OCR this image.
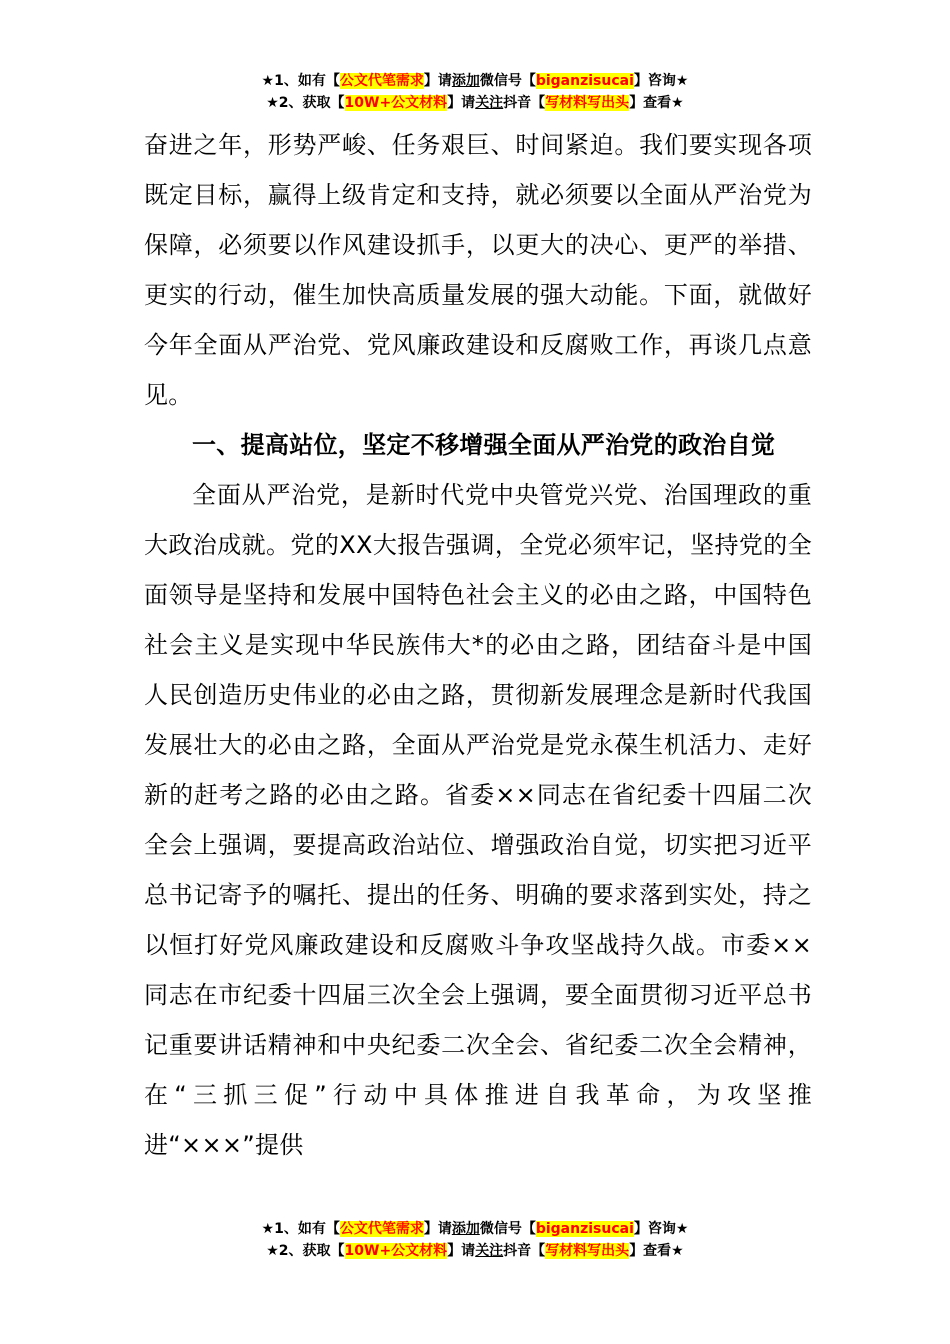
★1、如有【公文代笔需求】请添加微信号【biganzisucai】咨询★
★2、获取【10W+公文材料】请关注抖音【写材料写出头】查看★

奋进之年，形势严峻、任务艰巨、时间紧迫。我们要实现各项既定目标，赢得上级肯定和支持，就必须要以全面从严治党为保障，必须要以作风建设抓手，以更大的决心、更严的举措、更实的行动，催生加快高质量发展的强大动能。下面，就做好今年全面从严治党、党风廉政建设和反腐败工作，再谈几点意见。

一、提高站位，坚定不移增强全面从严治党的政治自觉

全面从严治党，是新时代党中央管党兴党、治国理政的重大政治成就。党的XX大报告强调，全党必须牢记，坚持党的全面领导是坚持和发展中国特色社会主义的必由之路，中国特色社会主义是实现中华民族伟大*的必由之路，团结奋斗是中国人民创造历史伟业的必由之路，贯彻新发展理念是新时代我国发展壮大的必由之路，全面从严治党是党永葆生机活力、走好新的赶考之路的必由之路。省委××同志在省纪委十四届二次全会上强调，要提高政治站位、增强政治自觉，切实把习近平总书记寄予的嘱托、提出的任务、明确的要求落到实处，持之以恒打好党风廉政建设和反腐败斗争攻坚战持久战。市委××同志在市纪委十四届三次全会上强调，要全面贯彻习近平总书记重要讲话精神和中央纪委二次全会、省纪委二次全会精神，在“三抓三促”行动中具体推进自我革命，为攻坚推进“×××”提供

★1、如有【公文代笔需求】请添加微信号【biganzisucai】咨询★
★2、获取【10W+公文材料】请关注抖音【写材料写出头】查看★
